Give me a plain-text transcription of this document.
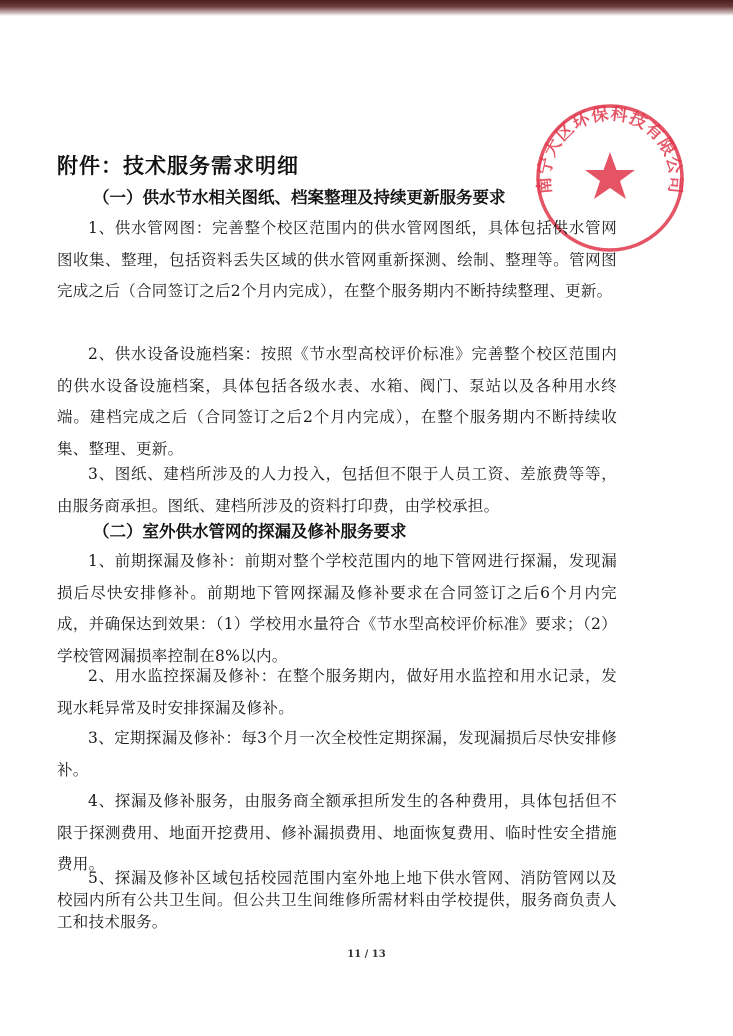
南宁大区环保科技有限公司
附件：技术服务需求明细
（一）供水节水相关图纸、档案整理及持续更新服务要求
1、供水管网图：完善整个校区范围内的供水管网图纸，具体包括供水管网图收集、整理，包括资料丢失区域的供水管网重新探测、绘制、整理等。管网图完成之后（合同签订之后2个月内完成），在整个服务期内不断持续整理、更新。
2、供水设备设施档案：按照《节水型高校评价标准》完善整个校区范围内的供水设备设施档案，具体包括各级水表、水箱、阀门、泵站以及各种用水终端。建档完成之后（合同签订之后2个月内完成），在整个服务期内不断持续收集、整理、更新。
3、图纸、建档所涉及的人力投入，包括但不限于人员工资、差旅费等等，由服务商承担。图纸、建档所涉及的资料打印费，由学校承担。
（二）室外供水管网的探漏及修补服务要求
1、前期探漏及修补：前期对整个学校范围内的地下管网进行探漏，发现漏损后尽快安排修补。前期地下管网探漏及修补要求在合同签订之后6个月内完成，并确保达到效果：（1）学校用水量符合《节水型高校评价标准》要求；（2）学校管网漏损率控制在8%以内。
2、用水监控探漏及修补：在整个服务期内，做好用水监控和用水记录，发现水耗异常及时安排探漏及修补。
3、定期探漏及修补：每3个月一次全校性定期探漏，发现漏损后尽快安排修补。
4、探漏及修补服务，由服务商全额承担所发生的各种费用，具体包括但不限于探测费用、地面开挖费用、修补漏损费用、地面恢复费用、临时性安全措施费用。
5、探漏及修补区域包括校园范围内室外地上地下供水管网、消防管网以及校园内所有公共卫生间。但公共卫生间维修所需材料由学校提供，服务商负责人工和技术服务。
11 / 13
